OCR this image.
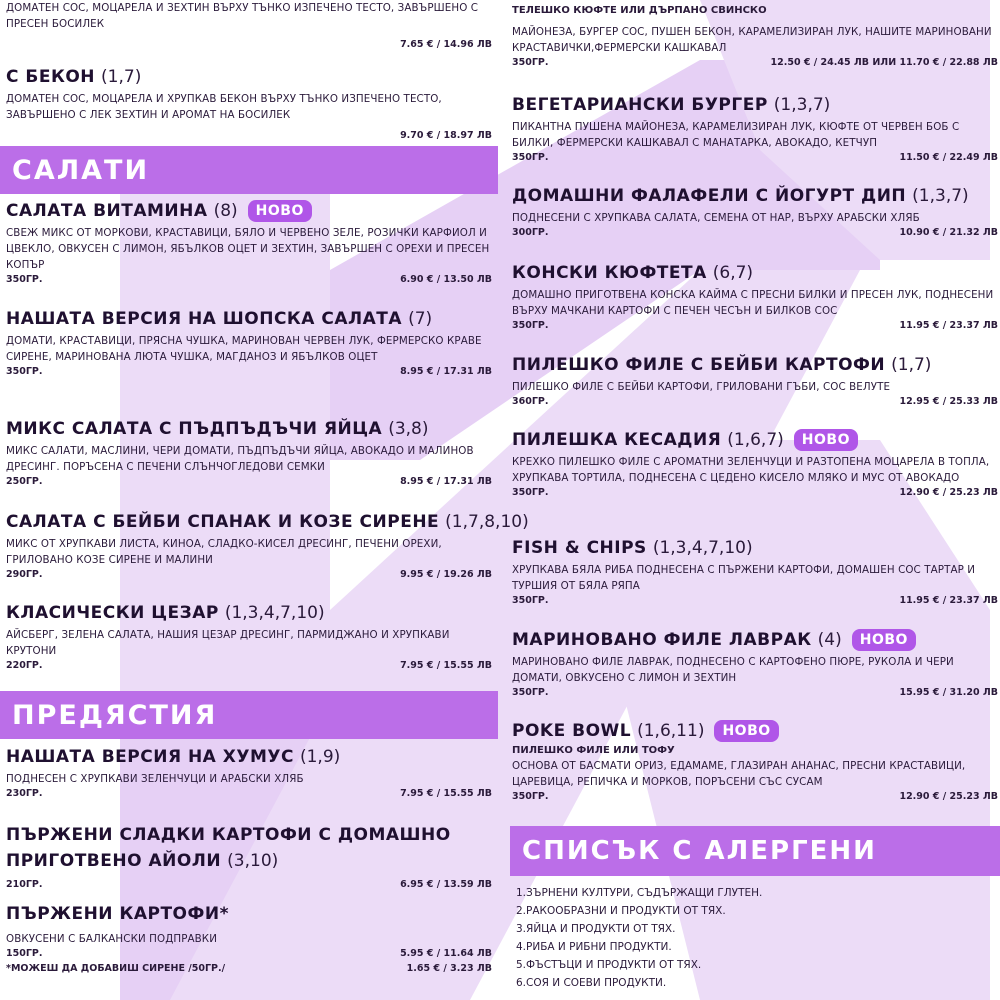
ДОМАТЕН СОС, МОЦАРЕЛА И ЗЕХТИН ВЪРХУ ТЪНКО ИЗПЕЧЕНО ТЕСТО, ЗАВЪРШЕНО С ПРЕСЕН БОСИЛЕК
7.65 € / 14.96 ЛВ
С БЕКОН (1,7)
ДОМАТЕН СОС, МОЦАРЕЛА И ХРУПКАВ БЕКОН ВЪРХУ ТЪНКО ИЗПЕЧЕНО ТЕСТО, ЗАВЪРШЕНО С ЛЕК ЗЕХТИН И АРОМАТ НА БОСИЛЕК
9.70 € / 18.97 ЛВ
САЛАТИ
САЛАТА ВИТАМИНА (8)	НОВО
СВЕЖ МИКС ОТ МОРКОВИ, КРАСТАВИЦИ, БЯЛО И ЧЕРВЕНО ЗЕЛЕ, РОЗИЧКИ КАРФИОЛ И ЦВЕКЛО, ОВКУСЕН С ЛИМОН, ЯБЪЛКОВ ОЦЕТ И ЗЕХТИН, ЗАВЪРШЕН С ОРЕХИ И ПРЕСЕН КОПЪР
350ГР.	6.90 € / 13.50 ЛВ
НАШАТА ВЕРСИЯ НА ШОПСКА САЛАТА (7)
ДОМАТИ, КРАСТАВИЦИ, ПРЯСНА ЧУШКА, МАРИНОВАН ЧЕРВЕН ЛУК, ФЕРМЕРСКО КРАВЕ СИРЕНЕ, МАРИНОВАНА ЛЮТА ЧУШКА, МАГДАНОЗ И ЯБЪЛКОВ ОЦЕТ
350ГР.	8.95 € / 17.31 ЛВ
МИКС САЛАТА С ПЪДПЪДЪЧИ ЯЙЦА (3,8)
МИКС САЛАТИ, МАСЛИНИ, ЧЕРИ ДОМАТИ, ПЪДПЪДЪЧИ ЯЙЦА, АВОКАДО И МАЛИНОВ ДРЕСИНГ. ПОРЪСЕНА С ПЕЧЕНИ СЛЪНЧОГЛЕДОВИ СЕМКИ
250ГР.	8.95 € / 17.31 ЛВ
САЛАТА С БЕЙБИ СПАНАК И КОЗЕ СИРЕНЕ (1,7,8,10)
МИКС ОТ ХРУПКАВИ ЛИСТА, КИНОА, СЛАДКО-КИСЕЛ ДРЕСИНГ, ПЕЧЕНИ ОРЕХИ, ГРИЛОВАНО КОЗЕ СИРЕНЕ И МАЛИНИ
290ГР.	9.95 € / 19.26 ЛВ
КЛАСИЧЕСКИ ЦЕЗАР (1,3,4,7,10)
АЙСБЕРГ, ЗЕЛЕНА САЛАТА, НАШИЯ ЦЕЗАР ДРЕСИНГ, ПАРМИДЖАНО И ХРУПКАВИ КРУТОНИ
220ГР.	7.95 € / 15.55 ЛВ
ПРЕДЯСТИЯ
НАШАТА ВЕРСИЯ НА ХУМУС (1,9)
ПОДНЕСЕН С ХРУПКАВИ ЗЕЛЕНЧУЦИ И АРАБСКИ ХЛЯБ
230ГР.	7.95 € / 15.55 ЛВ
ПЪРЖЕНИ СЛАДКИ КАРТОФИ С ДОМАШНО
ПРИГОТВЕНО АЙОЛИ (3,10)
210ГР.	6.95 € / 13.59 ЛВ
ПЪРЖЕНИ КАРТОФИ*
ОВКУСЕНИ С БАЛКАНСКИ ПОДПРАВКИ
150ГР.	5.95 € / 11.64 ЛВ
*МОЖЕШ ДА ДОБАВИШ СИРЕНЕ /50ГР./	1.65 € / 3.23 ЛВ
ТЕЛЕШКО КЮФТЕ ИЛИ ДЪРПАНО СВИНСКО
МАЙОНЕЗА, БУРГЕР СОС, ПУШЕН БЕКОН, КАРАМЕЛИЗИРАН ЛУК, НАШИТЕ МАРИНОВАНИ КРАСТАВИЧКИ,ФЕРМЕРСКИ КАШКАВАЛ
350ГР.	12.50 € / 24.45 ЛВ ИЛИ 11.70 € / 22.88 ЛВ
ВЕГЕТАРИАНСКИ БУРГЕР (1,3,7)
ПИКАНТНА ПУШЕНА МАЙОНЕЗА, КАРАМЕЛИЗИРАН ЛУК, КЮФТЕ ОТ ЧЕРВЕН БОБ С БИЛКИ, ФЕРМЕРСКИ КАШКАВАЛ С МАНАТАРКА, АВОКАДО, КЕТЧУП
350ГР.	11.50 € / 22.49 ЛВ
ДОМАШНИ ФАЛАФЕЛИ С ЙОГУРТ ДИП (1,3,7)
ПОДНЕСЕНИ С ХРУПКАВА САЛАТА, СЕМЕНА ОТ НАР, ВЪРХУ АРАБСКИ ХЛЯБ
300ГР.	10.90 € / 21.32 ЛВ
КОНСКИ КЮФТЕТА (6,7)
ДОМАШНО ПРИГОТВЕНА КОНСКА КАЙМА С ПРЕСНИ БИЛКИ И ПРЕСЕН ЛУК, ПОДНЕСЕНИ ВЪРХУ МАЧКАНИ КАРТОФИ С ПЕЧЕН ЧЕСЪН И БИЛКОВ СОС
350ГР.	11.95 € / 23.37 ЛВ
ПИЛЕШКО ФИЛЕ С БЕЙБИ КАРТОФИ (1,7)
ПИЛЕШКО ФИЛЕ С БЕЙБИ КАРТОФИ, ГРИЛОВАНИ ГЪБИ, СОС ВЕЛУТЕ
360ГР.	12.95 € / 25.33 ЛВ
ПИЛЕШКА КЕСАДИЯ (1,6,7)	НОВО
КРЕХКО ПИЛЕШКО ФИЛЕ С АРОМАТНИ ЗЕЛЕНЧУЦИ И РАЗТОПЕНА МОЦАРЕЛА В ТОПЛА, ХРУПКАВА ТОРТИЛА, ПОДНЕСЕНА С ЦЕДЕНО КИСЕЛО МЛЯКО И МУС ОТ АВОКАДО
350ГР.	12.90 € / 25.23 ЛВ
FISH & CHIPS (1,3,4,7,10)
ХРУПКАВА БЯЛА РИБА ПОДНЕСЕНА С ПЪРЖЕНИ КАРТОФИ, ДОМАШЕН СОС ТАРТАР И ТУРШИЯ ОТ БЯЛА РЯПА
350ГР.	11.95 € / 23.37 ЛВ
МАРИНОВАНО ФИЛЕ ЛАВРАК (4)	НОВО
МАРИНОВАНО ФИЛЕ ЛАВРАК, ПОДНЕСЕНО С КАРТОФЕНО ПЮРЕ, РУКОЛА И ЧЕРИ ДОМАТИ, ОВКУСЕНО С ЛИМОН И ЗЕХТИН
350ГР.	15.95 € / 31.20 ЛВ
POKE BOWL (1,6,11)	НОВО
ПИЛЕШКО ФИЛЕ ИЛИ ТОФУ
ОСНОВА ОТ БАСМАТИ ОРИЗ, ЕДАМАМЕ, ГЛАЗИРАН АНАНАС, ПРЕСНИ КРАСТАВИЦИ, ЦАРЕВИЦА, РЕПИЧКА И МОРКОВ, ПОРЪСЕНИ СЪС СУСАМ
350ГР.	12.90 € / 25.23 ЛВ
СПИСЪК С АЛЕРГЕНИ
1.ЗЪРНЕНИ КУЛТУРИ, СЪДЪРЖАЩИ ГЛУТЕН.
2.РАКООБРАЗНИ И ПРОДУКТИ ОТ ТЯХ.
3.ЯЙЦА И ПРОДУКТИ ОТ ТЯХ.
4.РИБА И РИБНИ ПРОДУКТИ.
5.ФЪСТЪЦИ И ПРОДУКТИ ОТ ТЯХ.
6.СОЯ И СОЕВИ ПРОДУКТИ.
